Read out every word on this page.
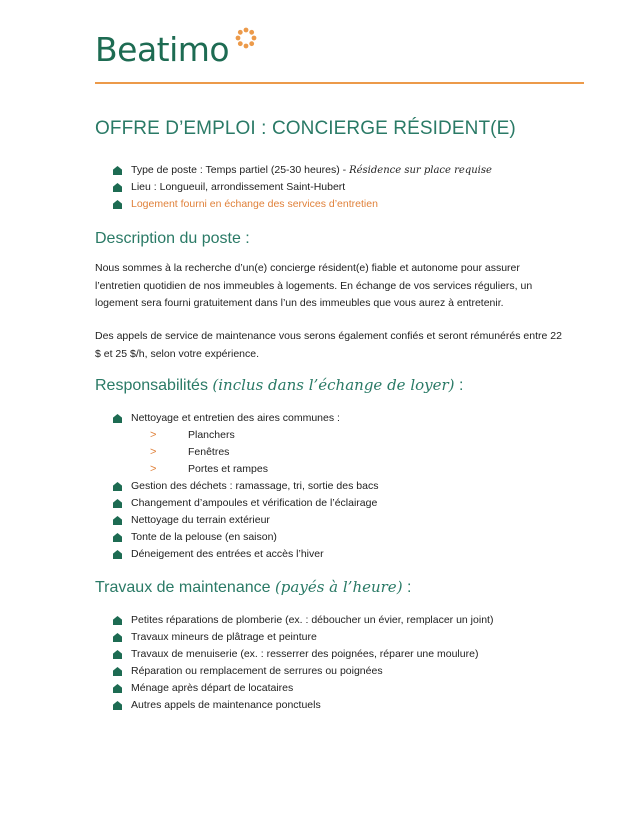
Beatimo
OFFRE D’EMPLOI : CONCIERGE RÉSIDENT(E)
Type de poste : Temps partiel (25-30 heures) - Résidence sur place requise
Lieu : Longueuil, arrondissement Saint-Hubert
Logement fourni en échange des services d’entretien
Description du poste :
Nous sommes à la recherche d’un(e) concierge résident(e) fiable et autonome pour assurer l’entretien quotidien de nos immeubles à logements. En échange de vos services réguliers, un logement sera fourni gratuitement dans l’un des immeubles que vous aurez à entretenir.
Des appels de service de maintenance vous serons également confiés et seront rémunérés entre 22 $ et 25 $/h, selon votre expérience.
Responsabilités (inclus dans l’échange de loyer) :
Nettoyage et entretien des aires communes :
>	Planchers
>	Fenêtres
>	Portes et rampes
Gestion des déchets : ramassage, tri, sortie des bacs
Changement d’ampoules et vérification de l’éclairage
Nettoyage du terrain extérieur
Tonte de la pelouse (en saison)
Déneigement des entrées et accès l’hiver
Travaux de maintenance (payés à l’heure) :
Petites réparations de plomberie (ex. : déboucher un évier, remplacer un joint)
Travaux mineurs de plâtrage et peinture
Travaux de menuiserie (ex. : resserrer des poignées, réparer une moulure)
Réparation ou remplacement de serrures ou poignées
Ménage après départ de locataires
Autres appels de maintenance ponctuels
